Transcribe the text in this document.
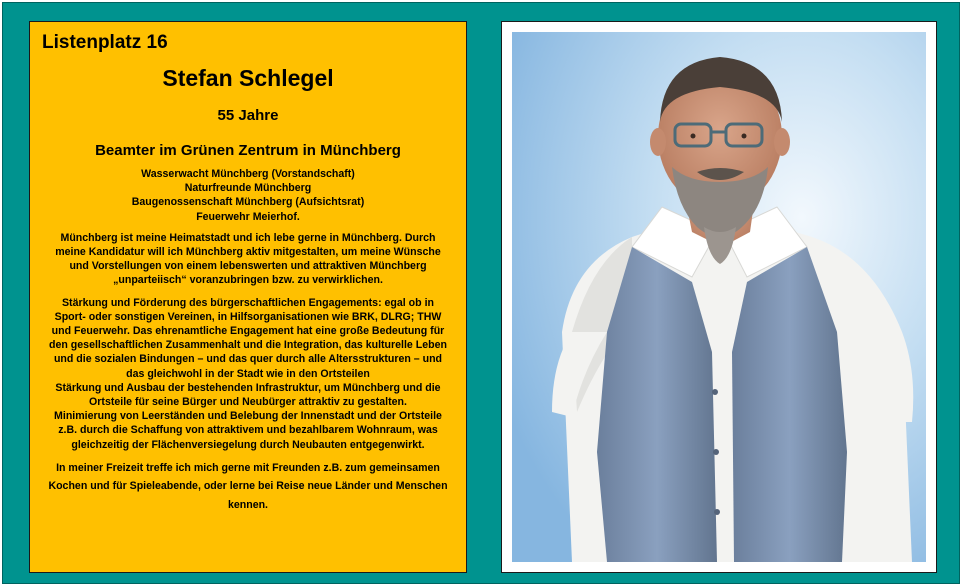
Listenplatz 16
Stefan Schlegel
55 Jahre
Beamter im Grünen Zentrum in Münchberg
Wasserwacht Münchberg (Vorstandschaft)
Naturfreunde Münchberg
Baugenossenschaft Münchberg (Aufsichtsrat)
Feuerwehr Meierhof.
Münchberg ist meine Heimatstadt und ich lebe gerne in Münchberg. Durch
meine Kandidatur will ich Münchberg aktiv mitgestalten, um meine Wünsche
und Vorstellungen von einem lebenswerten und attraktiven Münchberg
„unparteiisch“ voranzubringen bzw. zu verwirklichen.
Stärkung und Förderung des bürgerschaftlichen Engagements: egal ob in
Sport- oder sonstigen Vereinen, in Hilfsorganisationen wie BRK, DLRG; THW
und Feuerwehr. Das ehrenamtliche Engagement hat eine große Bedeutung für
den gesellschaftlichen Zusammenhalt und die Integration, das kulturelle Leben
und die sozialen Bindungen – und das quer durch alle Altersstrukturen – und
das gleichwohl in der Stadt wie in den Ortsteilen
Stärkung und Ausbau der bestehenden Infrastruktur, um Münchberg und die
Ortsteile für seine Bürger und Neubürger attraktiv zu gestalten.
Minimierung von Leerständen und Belebung der Innenstadt und der Ortsteile
z.B. durch die Schaffung von attraktivem und bezahlbarem Wohnraum, was
gleichzeitig der Flächenversiegelung durch Neubauten entgegenwirkt.
In meiner Freizeit treffe ich mich gerne mit Freunden z.B. zum gemeinsamen
Kochen und für Spieleabende, oder lerne bei Reise neue Länder und Menschen
kennen.
